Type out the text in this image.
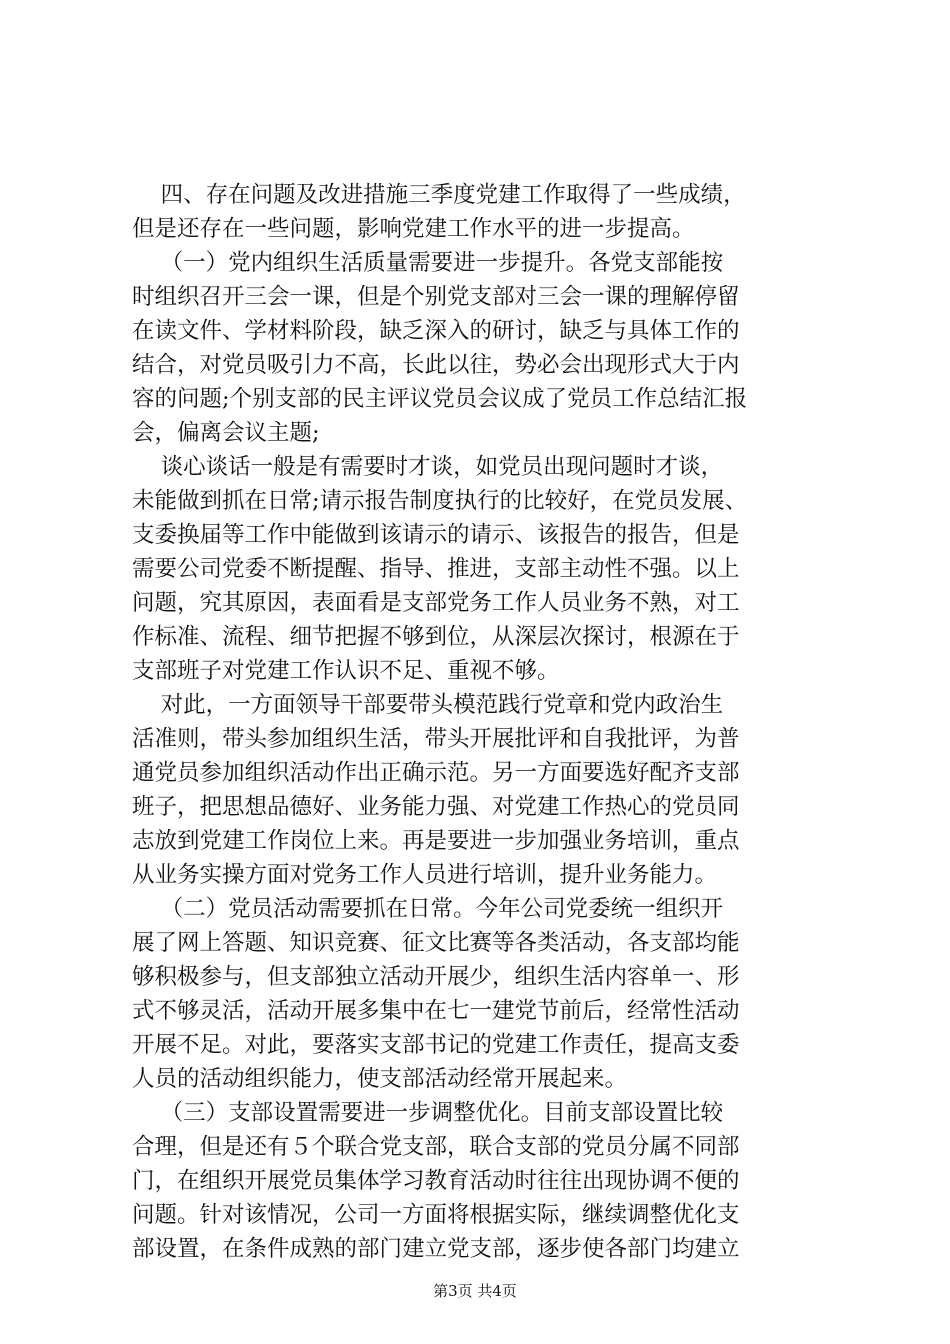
四、存在问题及改进措施三季度党建工作取得了一些成绩，
但是还存在一些问题，影响党建工作水平的进一步提高。
（一）党内组织生活质量需要进一步提升。各党支部能按
时组织召开三会一课，但是个别党支部对三会一课的理解停留
在读文件、学材料阶段，缺乏深入的研讨，缺乏与具体工作的
结合，对党员吸引力不高，长此以往，势必会出现形式大于内
容的问题;个别支部的民主评议党员会议成了党员工作总结汇报
会，偏离会议主题;
谈心谈话一般是有需要时才谈，如党员出现问题时才谈，
未能做到抓在日常;请示报告制度执行的比较好，在党员发展、
支委换届等工作中能做到该请示的请示、该报告的报告，但是
需要公司党委不断提醒、指导、推进，支部主动性不强。以上
问题，究其原因，表面看是支部党务工作人员业务不熟，对工
作标准、流程、细节把握不够到位，从深层次探讨，根源在于
支部班子对党建工作认识不足、重视不够。
对此，一方面领导干部要带头模范践行党章和党内政治生
活准则，带头参加组织生活，带头开展批评和自我批评，为普
通党员参加组织活动作出正确示范。另一方面要选好配齐支部
班子，把思想品德好、业务能力强、对党建工作热心的党员同
志放到党建工作岗位上来。再是要进一步加强业务培训，重点
从业务实操方面对党务工作人员进行培训，提升业务能力。
（二）党员活动需要抓在日常。今年公司党委统一组织开
展了网上答题、知识竞赛、征文比赛等各类活动，各支部均能
够积极参与，但支部独立活动开展少，组织生活内容单一、形
式不够灵活，活动开展多集中在七一建党节前后，经常性活动
开展不足。对此，要落实支部书记的党建工作责任，提高支委
人员的活动组织能力，使支部活动经常开展起来。
（三）支部设置需要进一步调整优化。目前支部设置比较
合理，但是还有５个联合党支部，联合支部的党员分属不同部
门，在组织开展党员集体学习教育活动时往往出现协调不便的
问题。针对该情况，公司一方面将根据实际，继续调整优化支
部设置，在条件成熟的部门建立党支部，逐步使各部门均建立
第3页 共4页
